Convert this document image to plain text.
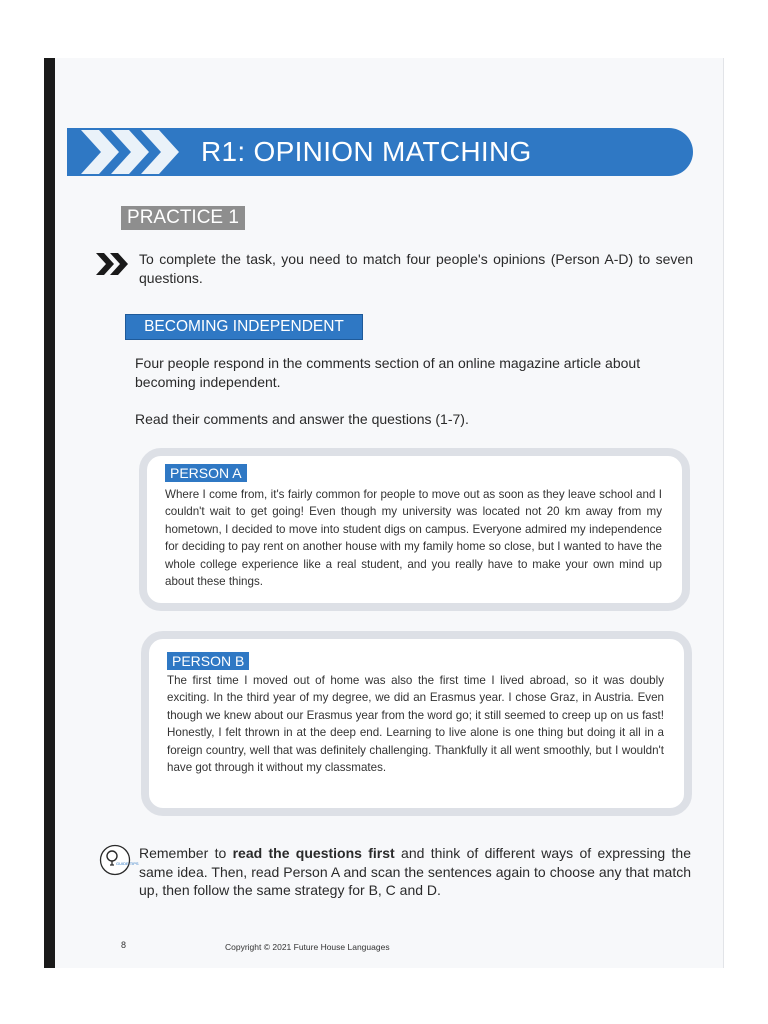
R1: OPINION MATCHING
PRACTICE 1
To complete the task, you need to match four people's opinions (Person A-D) to seven questions.
BECOMING INDEPENDENT
Four people respond in the comments section of an online magazine article about becoming independent.
Read their comments and answer the questions (1-7).
PERSON A
Where I come from, it's fairly common for people to move out as soon as they leave school and I couldn't wait to get going! Even though my university was located not 20 km away from my hometown, I decided to move into student digs on campus. Everyone admired my independence for deciding to pay rent on another house with my family home so close, but I wanted to have the whole college experience like a real student, and you really have to make your own mind up about these things.
PERSON B
The first time I moved out of home was also the first time I lived abroad, so it was doubly exciting. In the third year of my degree, we did an Erasmus year. I chose Graz, in Austria. Even though we knew about our Erasmus year from the word go; it still seemed to creep up on us fast! Honestly, I felt thrown in at the deep end. Learning to live alone is one thing but doing it all in a foreign country, well that was definitely challenging. Thankfully it all went smoothly, but I wouldn't have got through it without my classmates.
GUIDE TIPS
Remember to read the questions first and think of different ways of expressing the same idea. Then, read Person A and scan the sentences again to choose any that match up, then follow the same strategy for B, C and D.
8	Copyright © 2021 Future House Languages
